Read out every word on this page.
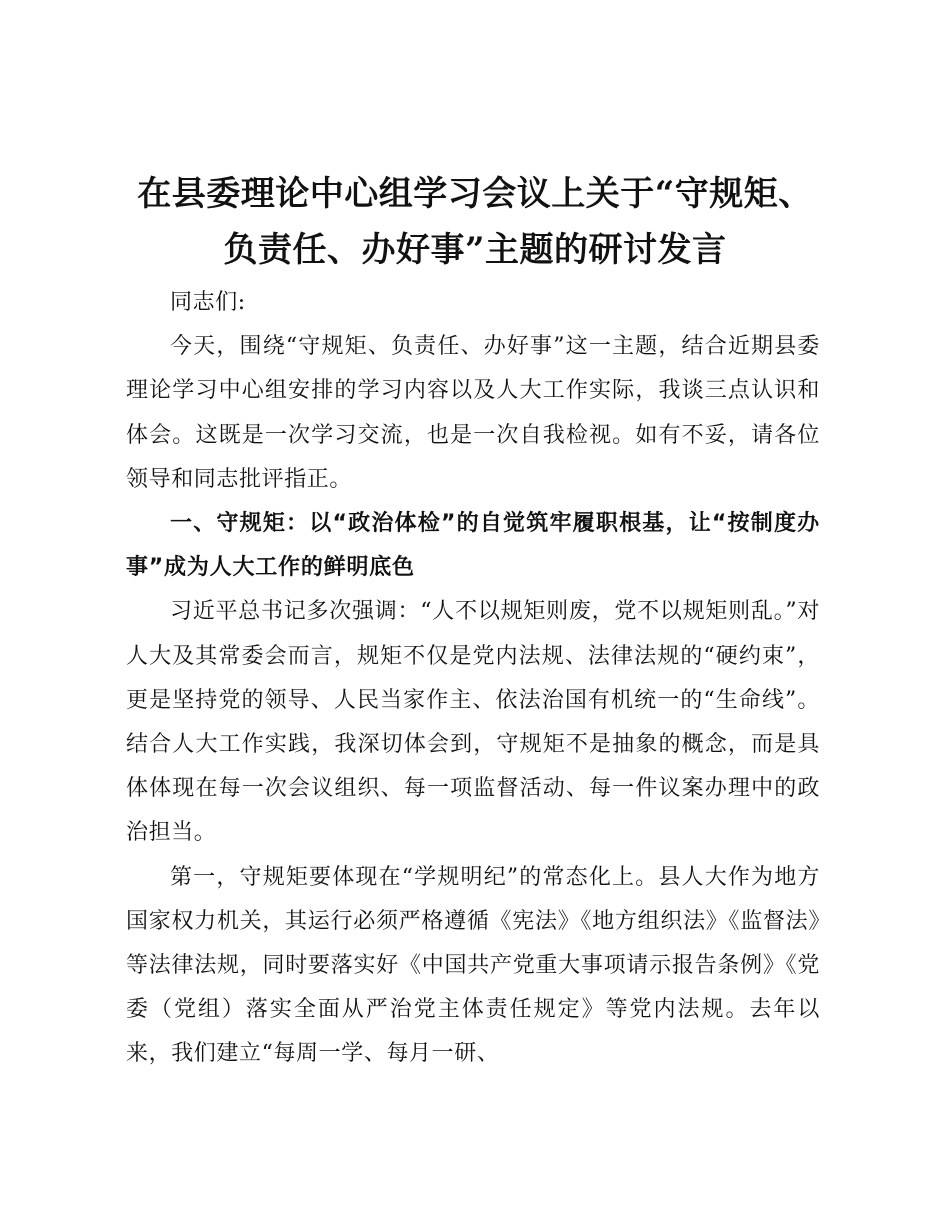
在县委理论中心组学习会议上关于“守规矩、
负责任、办好事”主题的研讨发言

同志们:

今天，围绕“守规矩、负责任、办好事”这一主题，结合近期县委理论学习中心组安排的学习内容以及人大工作实际，我谈三点认识和体会。这既是一次学习交流，也是一次自我检视。如有不妥，请各位领导和同志批评指正。

一、守规矩：以“政治体检”的自觉筑牢履职根基，让“按制度办事”成为人大工作的鲜明底色

习近平总书记多次强调：“人不以规矩则废，党不以规矩则乱。”对人大及其常委会而言，规矩不仅是党内法规、法律法规的“硬约束”，更是坚持党的领导、人民当家作主、依法治国有机统一的“生命线”。结合人大工作实践，我深切体会到，守规矩不是抽象的概念，而是具体体现在每一次会议组织、每一项监督活动、每一件议案办理中的政治担当。

第一，守规矩要体现在“学规明纪”的常态化上。县人大作为地方国家权力机关，其运行必须严格遵循《宪法》《地方组织法》《监督法》等法律法规，同时要落实好《中国共产党重大事项请示报告条例》《党委（党组）落实全面从严治党主体责任规定》等党内法规。去年以来，我们建立“每周一学、每月一研、
